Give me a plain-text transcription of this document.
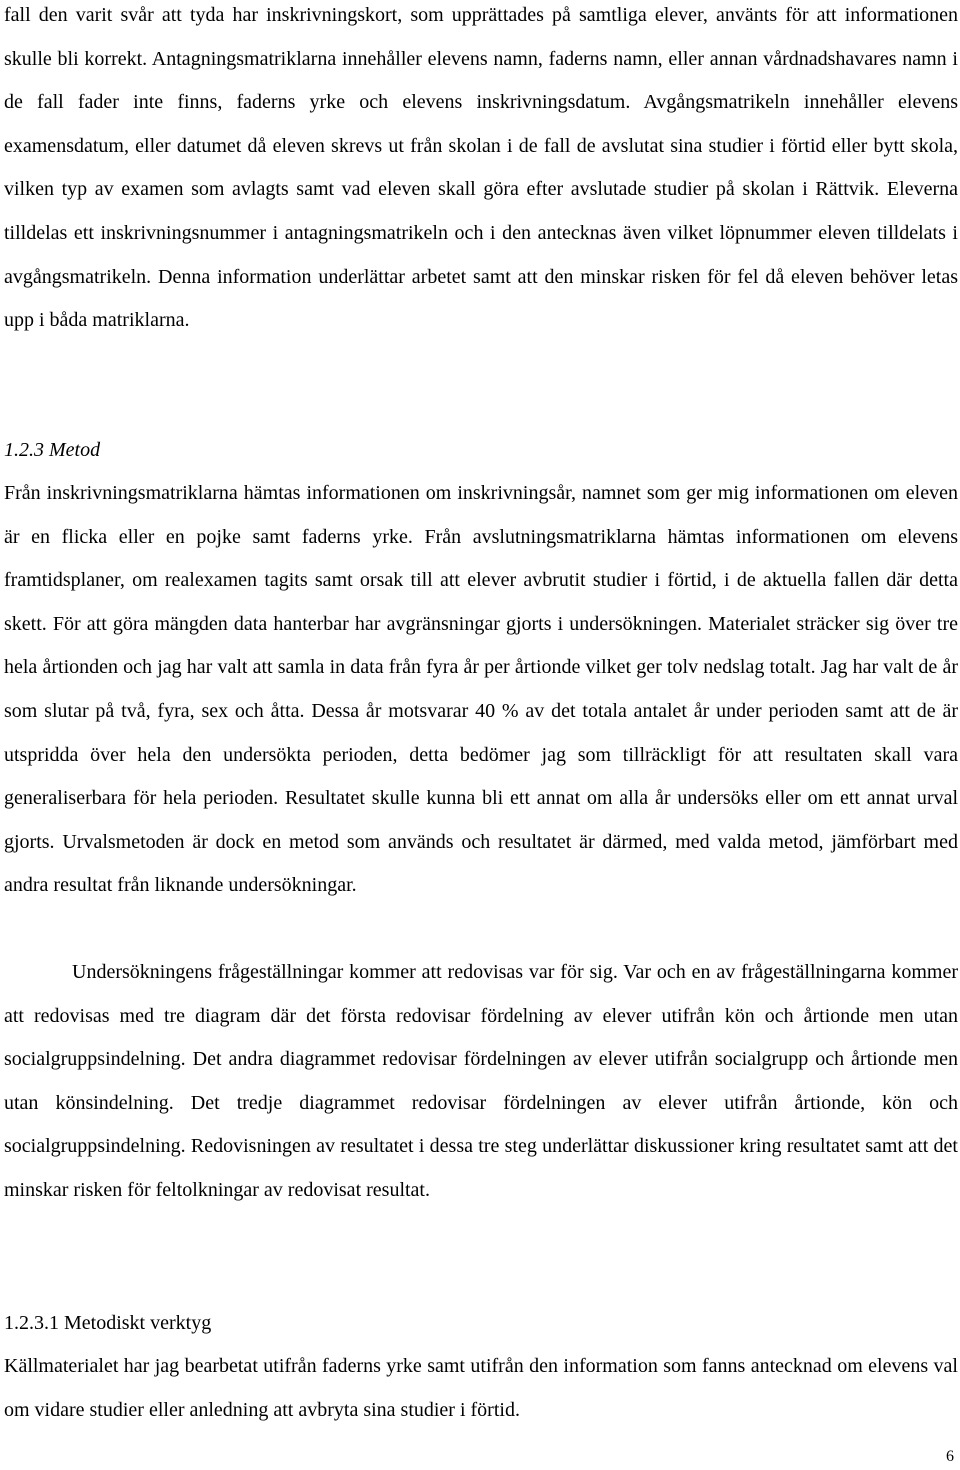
fall den varit svår att tyda har inskrivningskort, som upprättades på samtliga elever, använts för att informationen skulle bli korrekt. Antagningsmatriklarna innehåller elevens namn, faderns namn, eller annan vårdnadshavares namn i de fall fader inte finns, faderns yrke och elevens inskrivningsdatum. Avgångsmatrikeln innehåller elevens examensdatum, eller datumet då eleven skrevs ut från skolan i de fall de avslutat sina studier i förtid eller bytt skola, vilken typ av examen som avlagts samt vad eleven skall göra efter avslutade studier på skolan i Rättvik. Eleverna tilldelas ett inskrivningsnummer i antagningsmatrikeln och i den antecknas även vilket löpnummer eleven tilldelats i avgångsmatrikeln. Denna information underlättar arbetet samt att den minskar risken för fel då eleven behöver letas upp i båda matriklarna.

1.2.3 Metod

Från inskrivningsmatriklarna hämtas informationen om inskrivningsår, namnet som ger mig informationen om eleven är en flicka eller en pojke samt faderns yrke. Från avslutningsmatriklarna hämtas informationen om elevens framtidsplaner, om realexamen tagits samt orsak till att elever avbrutit studier i förtid, i de aktuella fallen där detta skett. För att göra mängden data hanterbar har avgränsningar gjorts i undersökningen. Materialet sträcker sig över tre hela årtionden och jag har valt att samla in data från fyra år per årtionde vilket ger tolv nedslag totalt. Jag har valt de år som slutar på två, fyra, sex och åtta. Dessa år motsvarar 40 % av det totala antalet år under perioden samt att de är utspridda över hela den undersökta perioden, detta bedömer jag som tillräckligt för att resultaten skall vara generaliserbara för hela perioden. Resultatet skulle kunna bli ett annat om alla år undersöks eller om ett annat urval gjorts. Urvalsmetoden är dock en metod som används och resultatet är därmed, med valda metod, jämförbart med andra resultat från liknande undersökningar.

Undersökningens frågeställningar kommer att redovisas var för sig. Var och en av frågeställningarna kommer att redovisas med tre diagram där det första redovisar fördelning av elever utifrån kön och årtionde men utan socialgruppsindelning. Det andra diagrammet redovisar fördelningen av elever utifrån socialgrupp och årtionde men utan könsindelning. Det tredje diagrammet redovisar fördelningen av elever utifrån årtionde, kön och socialgruppsindelning. Redovisningen av resultatet i dessa tre steg underlättar diskussioner kring resultatet samt att det minskar risken för feltolkningar av redovisat resultat.

1.2.3.1 Metodiskt verktyg

Källmaterialet har jag bearbetat utifrån faderns yrke samt utifrån den information som fanns antecknad om elevens val om vidare studier eller anledning att avbryta sina studier i förtid.

6
